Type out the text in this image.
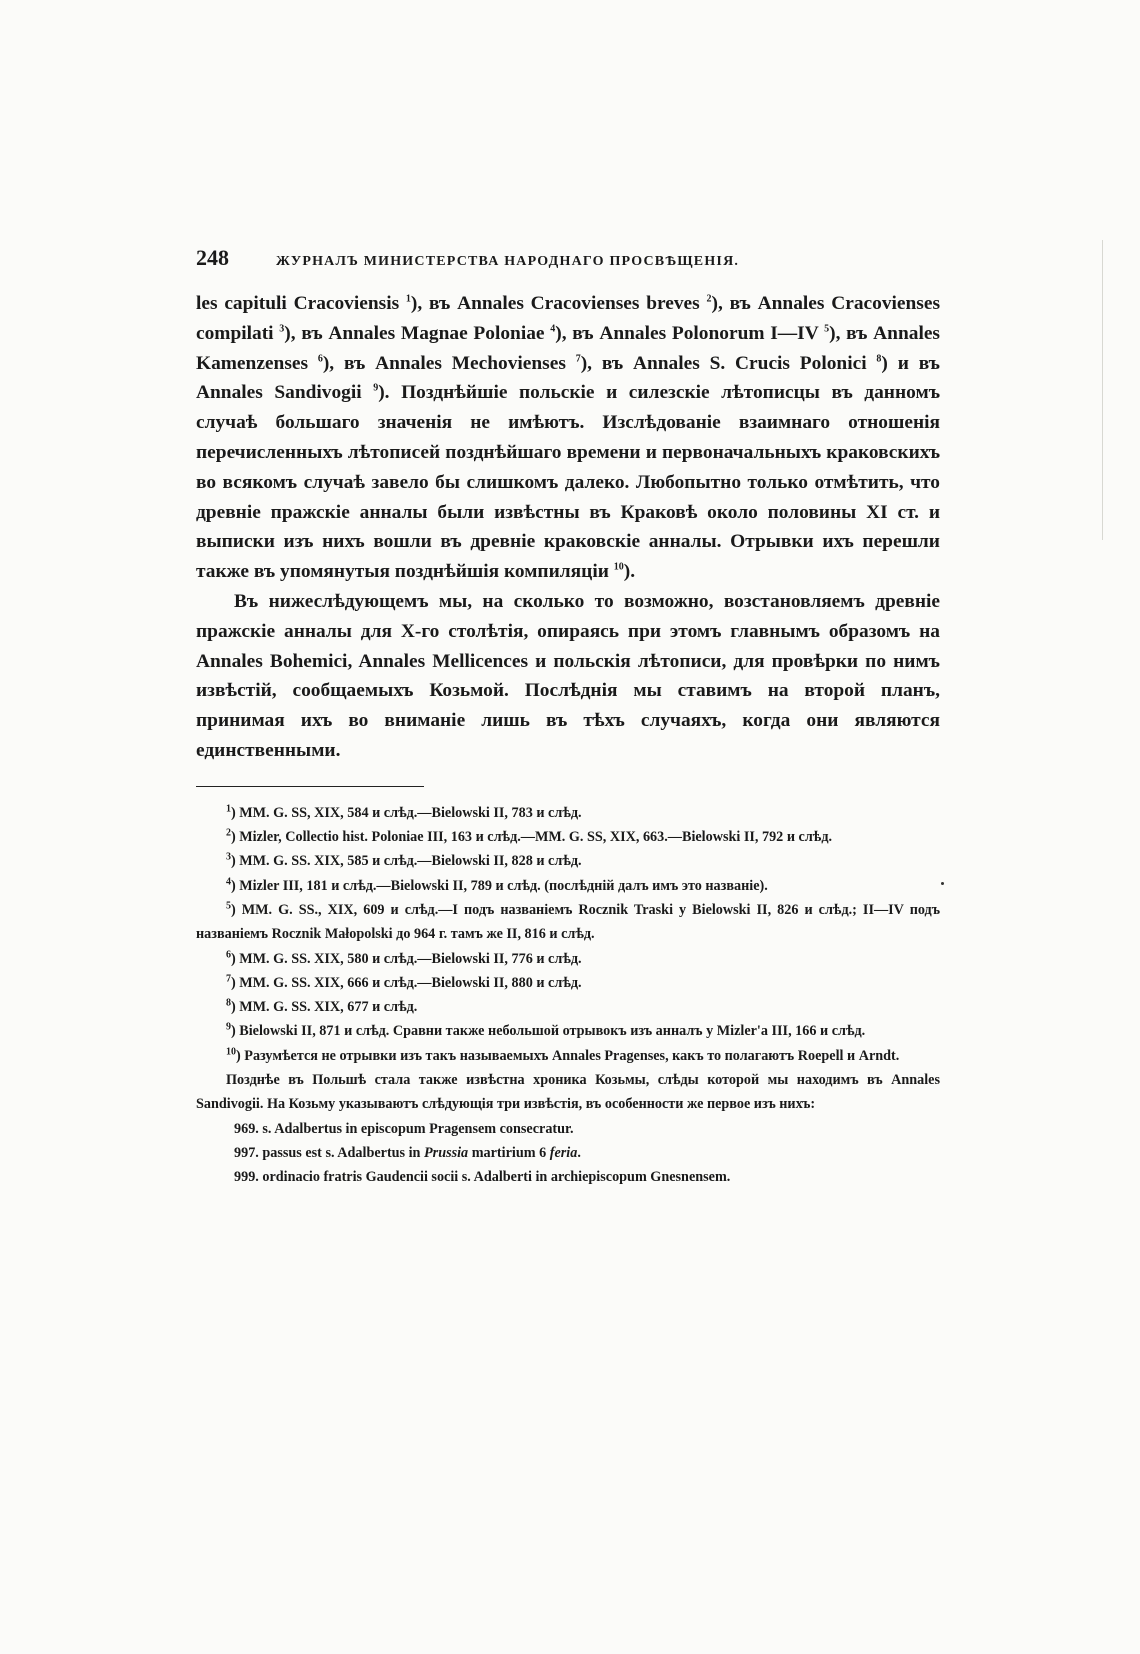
248	ЖУРНАЛЪ МИНИСТЕРСТВА НАРОДНАГО ПРОСВѢЩЕНІЯ.

les capituli Cracoviensis $^1$), въ Annales Cracovienses breves $^2$), въ Annales Cracovienses compilati $^3$), въ Annales Magnae Poloniae $^4$), въ Annales Polonorum I—IV $^5$), въ Annales Kamenzenses $^6$), въ Annales Mechovienses $^7$), въ Annales S. Crucis Polonici $^8$) и въ Annales Sandivogii $^9$). Позднѣйшіе польскіе и силезскіе лѣтописцы въ данномъ случаѣ большаго значенія не имѣютъ. Изслѣдованіе взаимнаго отношенія перечисленныхъ лѣтописей позднѣйшаго времени и первоначальныхъ краковскихъ во всякомъ случаѣ завело бы слишкомъ далеко. Любопытно только отмѣтить, что древніе пражскіе анналы были извѣстны въ Краковѣ около половины XI ст. и выписки изъ нихъ вошли въ древніе краковскіе анналы. Отрывки ихъ перешли также въ упомянутыя позднѣйшія компиляціи $^{10}$).

Въ нижеслѣдующемъ мы, на сколько то возможно, возстановляемъ древніе пражскіе анналы для X-го столѣтія, опираясь при этомъ главнымъ образомъ на Annales Bohemici, Annales Mellicences и польскія лѣтописи, для провѣрки по нимъ извѣстій, сообщаемыхъ Козьмой. Послѣднія мы ставимъ на второй планъ, принимая ихъ во вниманіе лишь въ тѣхъ случаяхъ, когда они являются единственными.

$^1$) MM. G. SS, XIX, 584 и слѣд.—Bielowski II, 783 и слѣд.

$^2$) Mizler, Collectio hist. Poloniae III, 163 и слѣд.—MM. G. SS, XIX, 663.—Bielowski II, 792 и слѣд.

$^3$) MM. G. SS. XIX, 585 и слѣд.—Bielowski II, 828 и слѣд.

$^4$) Mizler III, 181 и слѣд.—Bielowski II, 789 и слѣд. (послѣдній далъ имъ это названіе).

$^5$) MM. G. SS., XIX, 609 и слѣд.—I подъ названіемъ Rocznik Traski у Bielowski II, 826 и слѣд.; II—IV подъ названіемъ Rocznik Małopolski до 964 г. тамъ же II, 816 и слѣд.

$^6$) MM. G. SS. XIX, 580 и слѣд.—Bielowski II, 776 и слѣд.

$^7$) MM. G. SS. XIX, 666 и слѣд.—Bielowski II, 880 и слѣд.

$^8$) MM. G. SS. XIX, 677 и слѣд.

$^9$) Bielowski II, 871 и слѣд. Сравни также небольшой отрывокъ изъ анналъ у Mizler'a III, 166 и слѣд.

$^{10}$) Разумѣется не отрывки изъ такъ называемыхъ Annales Pragenses, какъ то полагаютъ Roepell и Arndt.

Позднѣе въ Польшѣ стала также извѣстна хроника Козьмы, слѣды которой мы находимъ въ Annales Sandivogii. На Козьму указываютъ слѣдующія три извѣстія, въ особенности же первое изъ нихъ:

969. s. Adalbertus in episcopum Pragensem consecratur.

997. passus est s. Adalbertus in Prussia martirium 6 feria.

999. ordinacio fratris Gaudencii socii s. Adalberti in archiepiscopum Gnesnensem.
